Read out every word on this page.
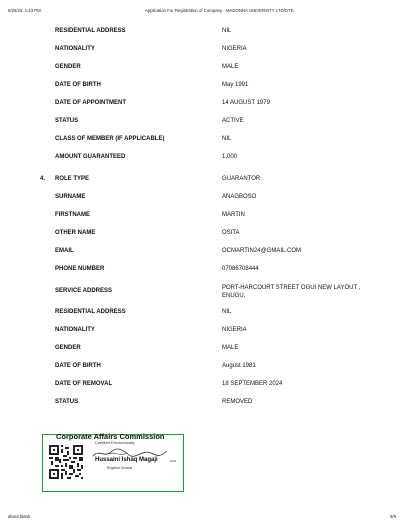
6/25/25, 1:43 PM	Application For Registration of Company - MADONNA UNIVERSITY LTD/GTE
RESIDENTIAL ADDRESS	NIL
NATIONALITY	NIGERIA
GENDER	MALE
DATE OF BIRTH	May 1991
DATE OF APPOINTMENT	14 AUGUST 1979
STATUS	ACTIVE
CLASS OF MEMBER (IF APPLICABLE)	NIL
AMOUNT GUARANTEED	1,000
4. ROLE TYPE	GUARANTOR
SURNAME	ANAGBOSO
FIRSTNAME	MARTIN
OTHER NAME	OSITA
EMAIL	OCMARTIN24@GMAIL.COM
PHONE NUMBER	07086708444
SERVICE ADDRESS	PORT-HARCOURT STREET OGUI NEW LAYOUT , ENUGU,
RESIDENTIAL ADDRESS	NIL
NATIONALITY	NIGERIA
GENDER	MALE
DATE OF BIRTH	August 1981
DATE OF REMOVAL	18 SEPTEMBER 2024
STATUS	REMOVED
Corporate Affairs Commission
Certified Electronically
Hussaini Ishaq Magaji	SAN
Registrar General
about:blank	9/9
